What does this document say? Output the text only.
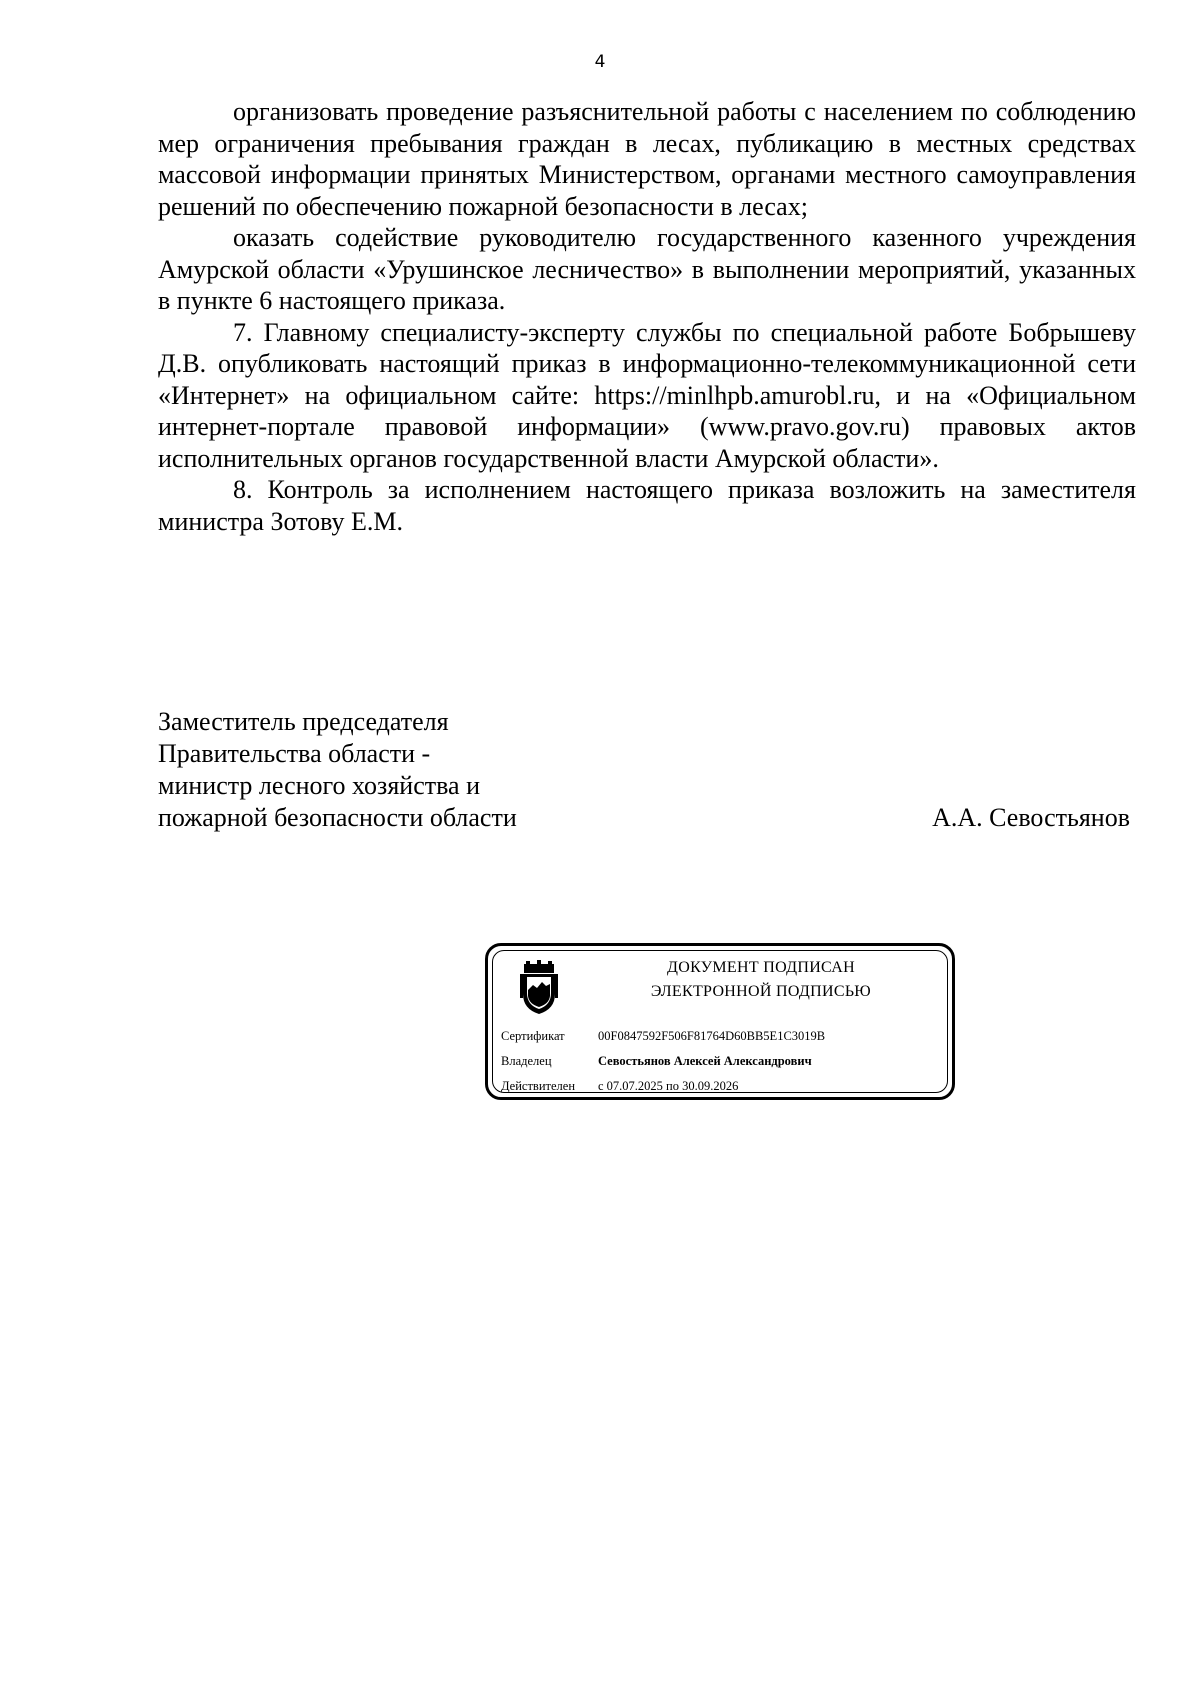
4

организовать проведение разъяснительной работы с населением по соблюдению мер ограничения пребывания граждан в лесах, публикацию в местных средствах массовой информации принятых Министерством, органами местного самоуправления решений по обеспечению пожарной безопасности в лесах;

оказать содействие руководителю государственного казенного учреждения Амурской области «Урушинское лесничество» в выполнении мероприятий, указанных в пункте 6 настоящего приказа.

7. Главному специалисту-эксперту службы по специальной работе Бобрышеву Д.В. опубликовать настоящий приказ в информационно-телекоммуникационной сети «Интернет» на официальном сайте: https://minlhpb.amurobl.ru, и на «Официальном интернет-портале правовой информации» (www.pravo.gov.ru) правовых актов исполнительных органов государственной власти Амурской области».

8. Контроль за исполнением настоящего приказа возложить на заместителя министра Зотову Е.М.

Заместитель председателя
Правительства области -
министр лесного хозяйства и
пожарной безопасности области	А.А. Севостьянов
ДОКУМЕНТ ПОДПИСАН
ЭЛЕКТРОННОЙ ПОДПИСЬЮ
Сертификат	00F0847592F506F81764D60BB5E1C3019B
Владелец	Севостьянов Алексей Александрович
Действителен с 07.07.2025 по 30.09.2026
